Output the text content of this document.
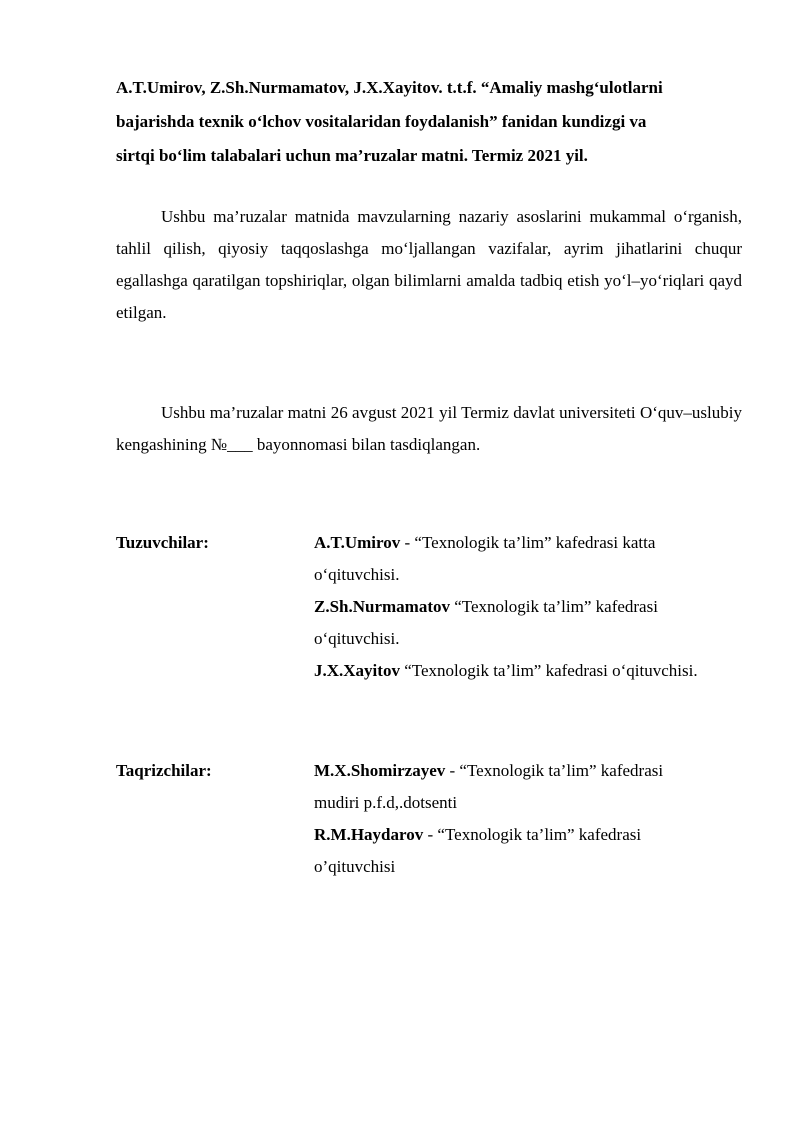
A.T.Umirov, Z.Sh.Nurmamatov, J.X.Xayitov. t.t.f. “Amaliy mashg‘ulotlarni
bajarishda texnik o‘lchov vositalaridan foydalanish” fanidan kundizgi va
sirtqi bo‘lim talabalari uchun ma’ruzalar matni. Termiz 2021 yil.
Ushbu ma’ruzalar matnida mavzularning nazariy asoslarini mukammal o‘rganish, tahlil qilish, qiyosiy taqqoslashga mo‘ljallangan vazifalar, ayrim jihatlarini chuqur egallashga qaratilgan topshiriqlar, olgan bilimlarni amalda tadbiq etish yo‘l–yo‘riqlari qayd etilgan.
Ushbu ma’ruzalar matni 26 avgust 2021 yil Termiz davlat universiteti O‘quv–uslubiy kengashining №___ bayonnomasi bilan tasdiqlangan.
Tuzuvchilar:	A.T.Umirov - “Texnologik ta’lim” kafedrasi katta
o‘qituvchisi.
Z.Sh.Nurmamatov “Texnologik ta’lim” kafedrasi
o‘qituvchisi.
J.X.Xayitov “Texnologik ta’lim” kafedrasi o‘qituvchisi.
Taqrizchilar:	M.X.Shomirzayev - “Texnologik ta’lim” kafedrasi
mudiri p.f.d,.dotsenti
R.M.Haydarov - “Texnologik ta’lim” kafedrasi
o’qituvchisi
